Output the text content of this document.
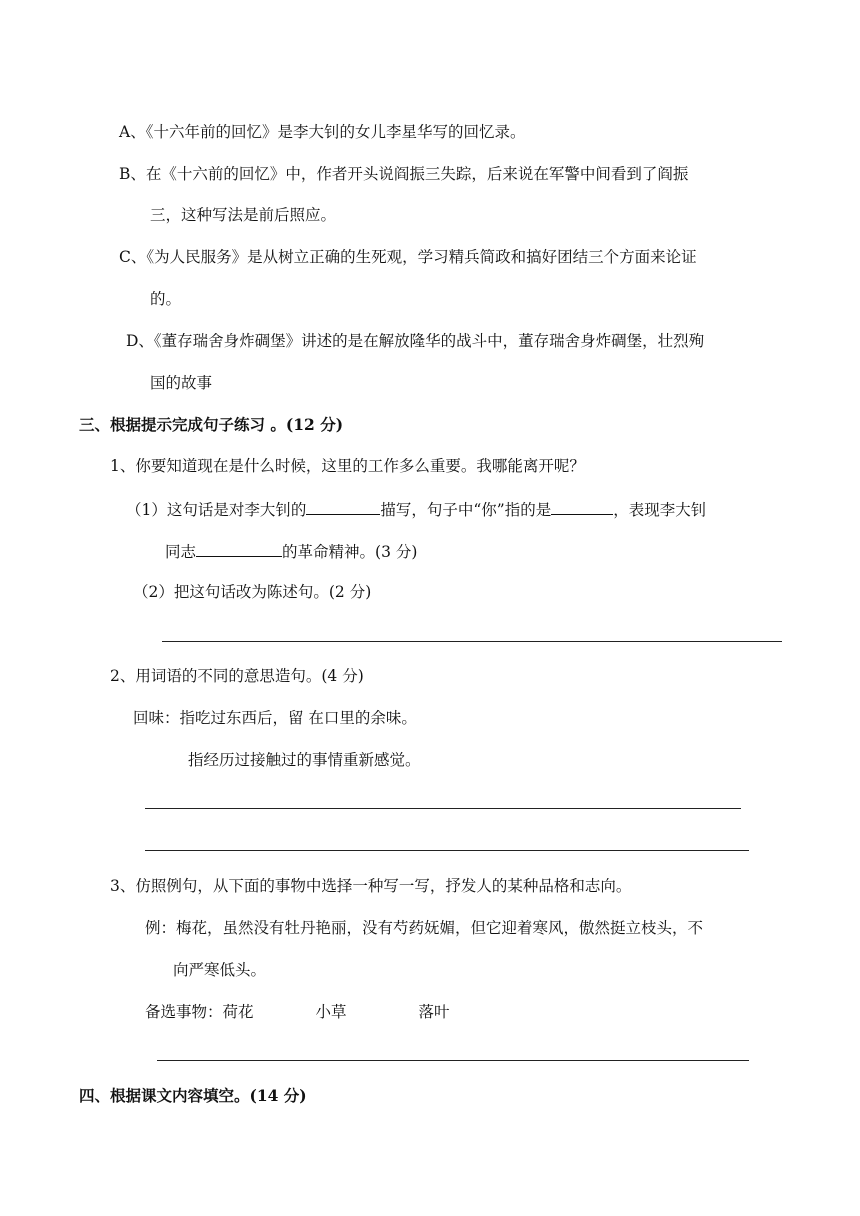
A、《十六年前的回忆》是李大钊的女儿李星华写的回忆录。
B、在《十六前的回忆》中，作者开头说阎振三失踪，后来说在军警中间看到了阎振
三，这种写法是前后照应。
C、《为人民服务》是从树立正确的生死观，学习精兵简政和搞好团结三个方面来论证
的。
D、《董存瑞舍身炸碉堡》讲述的是在解放隆华的战斗中，董存瑞舍身炸碉堡，壮烈殉
国的故事
三、根据提示完成句子练习 。(12 分)
1、你要知道现在是什么时候，这里的工作多么重要。我哪能离开呢？
（1）这句话是对李大钊的	描写，句子中“你”指的是	，表现李大钊
同志	的革命精神。(3 分)
（2）把这句话改为陈述句。(2 分)
2、用词语的不同的意思造句。(4 分)
回味：指吃过东西后，留 在口里的余味。
指经历过接触过的事情重新感觉。
3、仿照例句，从下面的事物中选择一种写一写，抒发人的某种品格和志向。
例：梅花，虽然没有牡丹艳丽，没有芍药妩媚，但它迎着寒风，傲然挺立枝头，不
向严寒低头。
备选事物：荷花	小草	落叶
四、根据课文内容填空。(14 分)
